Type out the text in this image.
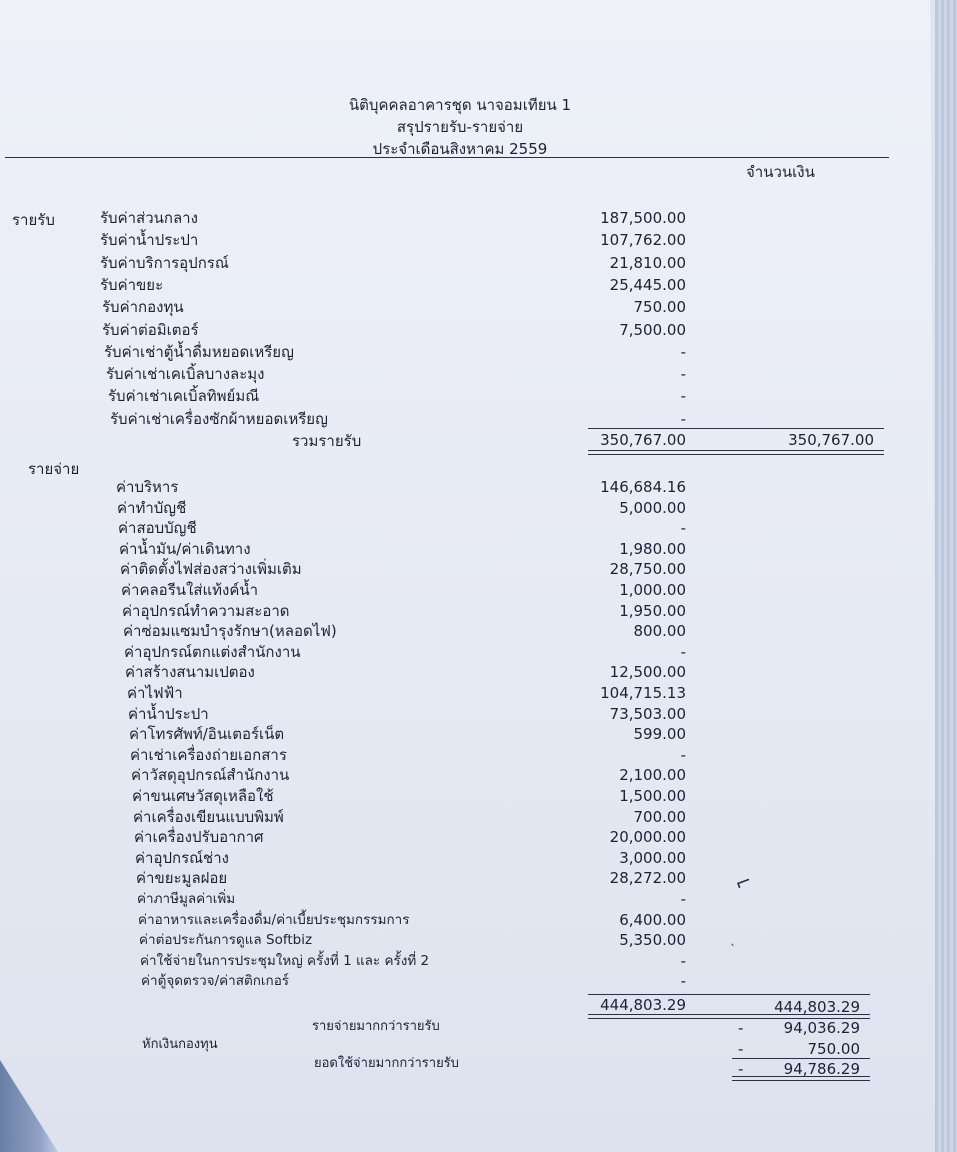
นิติบุคคลอาคารชุด นาจอมเทียน 1
สรุปรายรับ-รายจ่าย
ประจำเดือนสิงหาคม 2559
จำนวนเงิน
รายรับ	รับค่าส่วนกลาง	187,500.00
รับค่าน้ำประปา	107,762.00
รับค่าบริการอุปกรณ์	21,810.00
รับค่าขยะ	25,445.00
รับค่ากองทุน	750.00
รับค่าต่อมิเตอร์	7,500.00
รับค่าเช่าตู้น้ำดื่มหยอดเหรียญ	-
รับค่าเช่าเคเบิ้ลบางละมุง	-
รับค่าเช่าเคเบิ้ลทิพย์มณี	-
รับค่าเช่าเครื่องซักผ้าหยอดเหรียญ	-
รวมรายรับ	350,767.00	350,767.00
รายจ่าย
ค่าบริหาร	146,684.16
ค่าทำบัญชี	5,000.00
ค่าสอบบัญชี	-
ค่าน้ำมัน/ค่าเดินทาง	1,980.00
ค่าติดตั้งไฟส่องสว่างเพิ่มเติม	28,750.00
ค่าคลอรีนใส่แท้งค์น้ำ	1,000.00
ค่าอุปกรณ์ทำความสะอาด	1,950.00
ค่าซ่อมแซมบำรุงรักษา(หลอดไฟ)	800.00
ค่าอุปกรณ์ตกแต่งสำนักงาน	-
ค่าสร้างสนามเปตอง	12,500.00
ค่าไฟฟ้า	104,715.13
ค่าน้ำประปา	73,503.00
ค่าโทรศัพท์/อินเตอร์เน็ต	599.00
ค่าเช่าเครื่องถ่ายเอกสาร	-
ค่าวัสดุอุปกรณ์สำนักงาน	2,100.00
ค่าขนเศษวัสดุเหลือใช้	1,500.00
ค่าเครื่องเขียนแบบพิมพ์	700.00
ค่าเครื่องปรับอากาศ	20,000.00
ค่าอุปกรณ์ช่าง	3,000.00
ค่าขยะมูลฝอย	28,272.00
ค่าภาษีมูลค่าเพิ่ม	-
ค่าอาหารและเครื่องดื่ม/ค่าเบี้ยประชุมกรรมการ	6,400.00
ค่าต่อประกันการดูแล Softbiz	5,350.00
ค่าใช้จ่ายในการประชุมใหญ่ ครั้งที่ 1 และ ครั้งที่ 2	-
ค่าตู้จุดตรวจ/ค่าสติกเกอร์	-
444,803.29	444,803.29
รายจ่ายมากกว่ารายรับ	-	94,036.29
หักเงินกองทุน	-	750.00
ยอดใช้จ่ายมากกว่ารายรับ	-	94,786.29
⌐
ˎ
